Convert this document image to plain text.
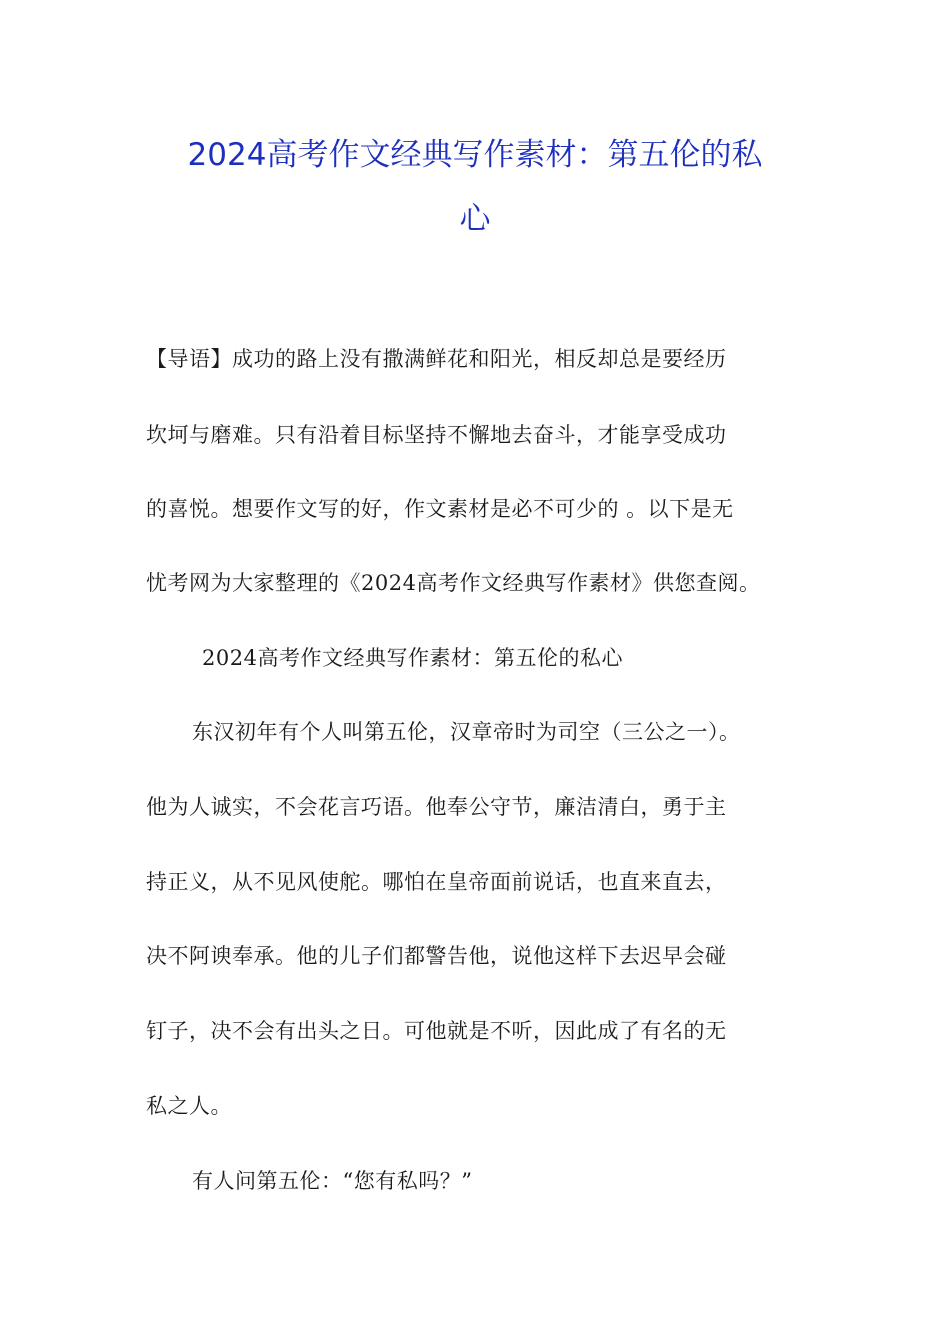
2024高考作文经典写作素材：第五伦的私
心
【导语】成功的路上没有撒满鲜花和阳光，相反却总是要经历
坎坷与磨难。只有沿着目标坚持不懈地去奋斗，才能享受成功
的喜悦。想要作文写的好，作文素材是必不可少的 。以下是无
忧考网为大家整理的《2024高考作文经典写作素材》供您查阅。
2024高考作文经典写作素材：第五伦的私心
东汉初年有个人叫第五伦，汉章帝时为司空（三公之一）。
他为人诚实，不会花言巧语。他奉公守节，廉洁清白，勇于主
持正义，从不见风使舵。哪怕在皇帝面前说话，也直来直去，
决不阿谀奉承。他的儿子们都警告他，说他这样下去迟早会碰
钉子，决不会有出头之日。可他就是不听，因此成了有名的无
私之人。
有人问第五伦：“您有私吗？”
